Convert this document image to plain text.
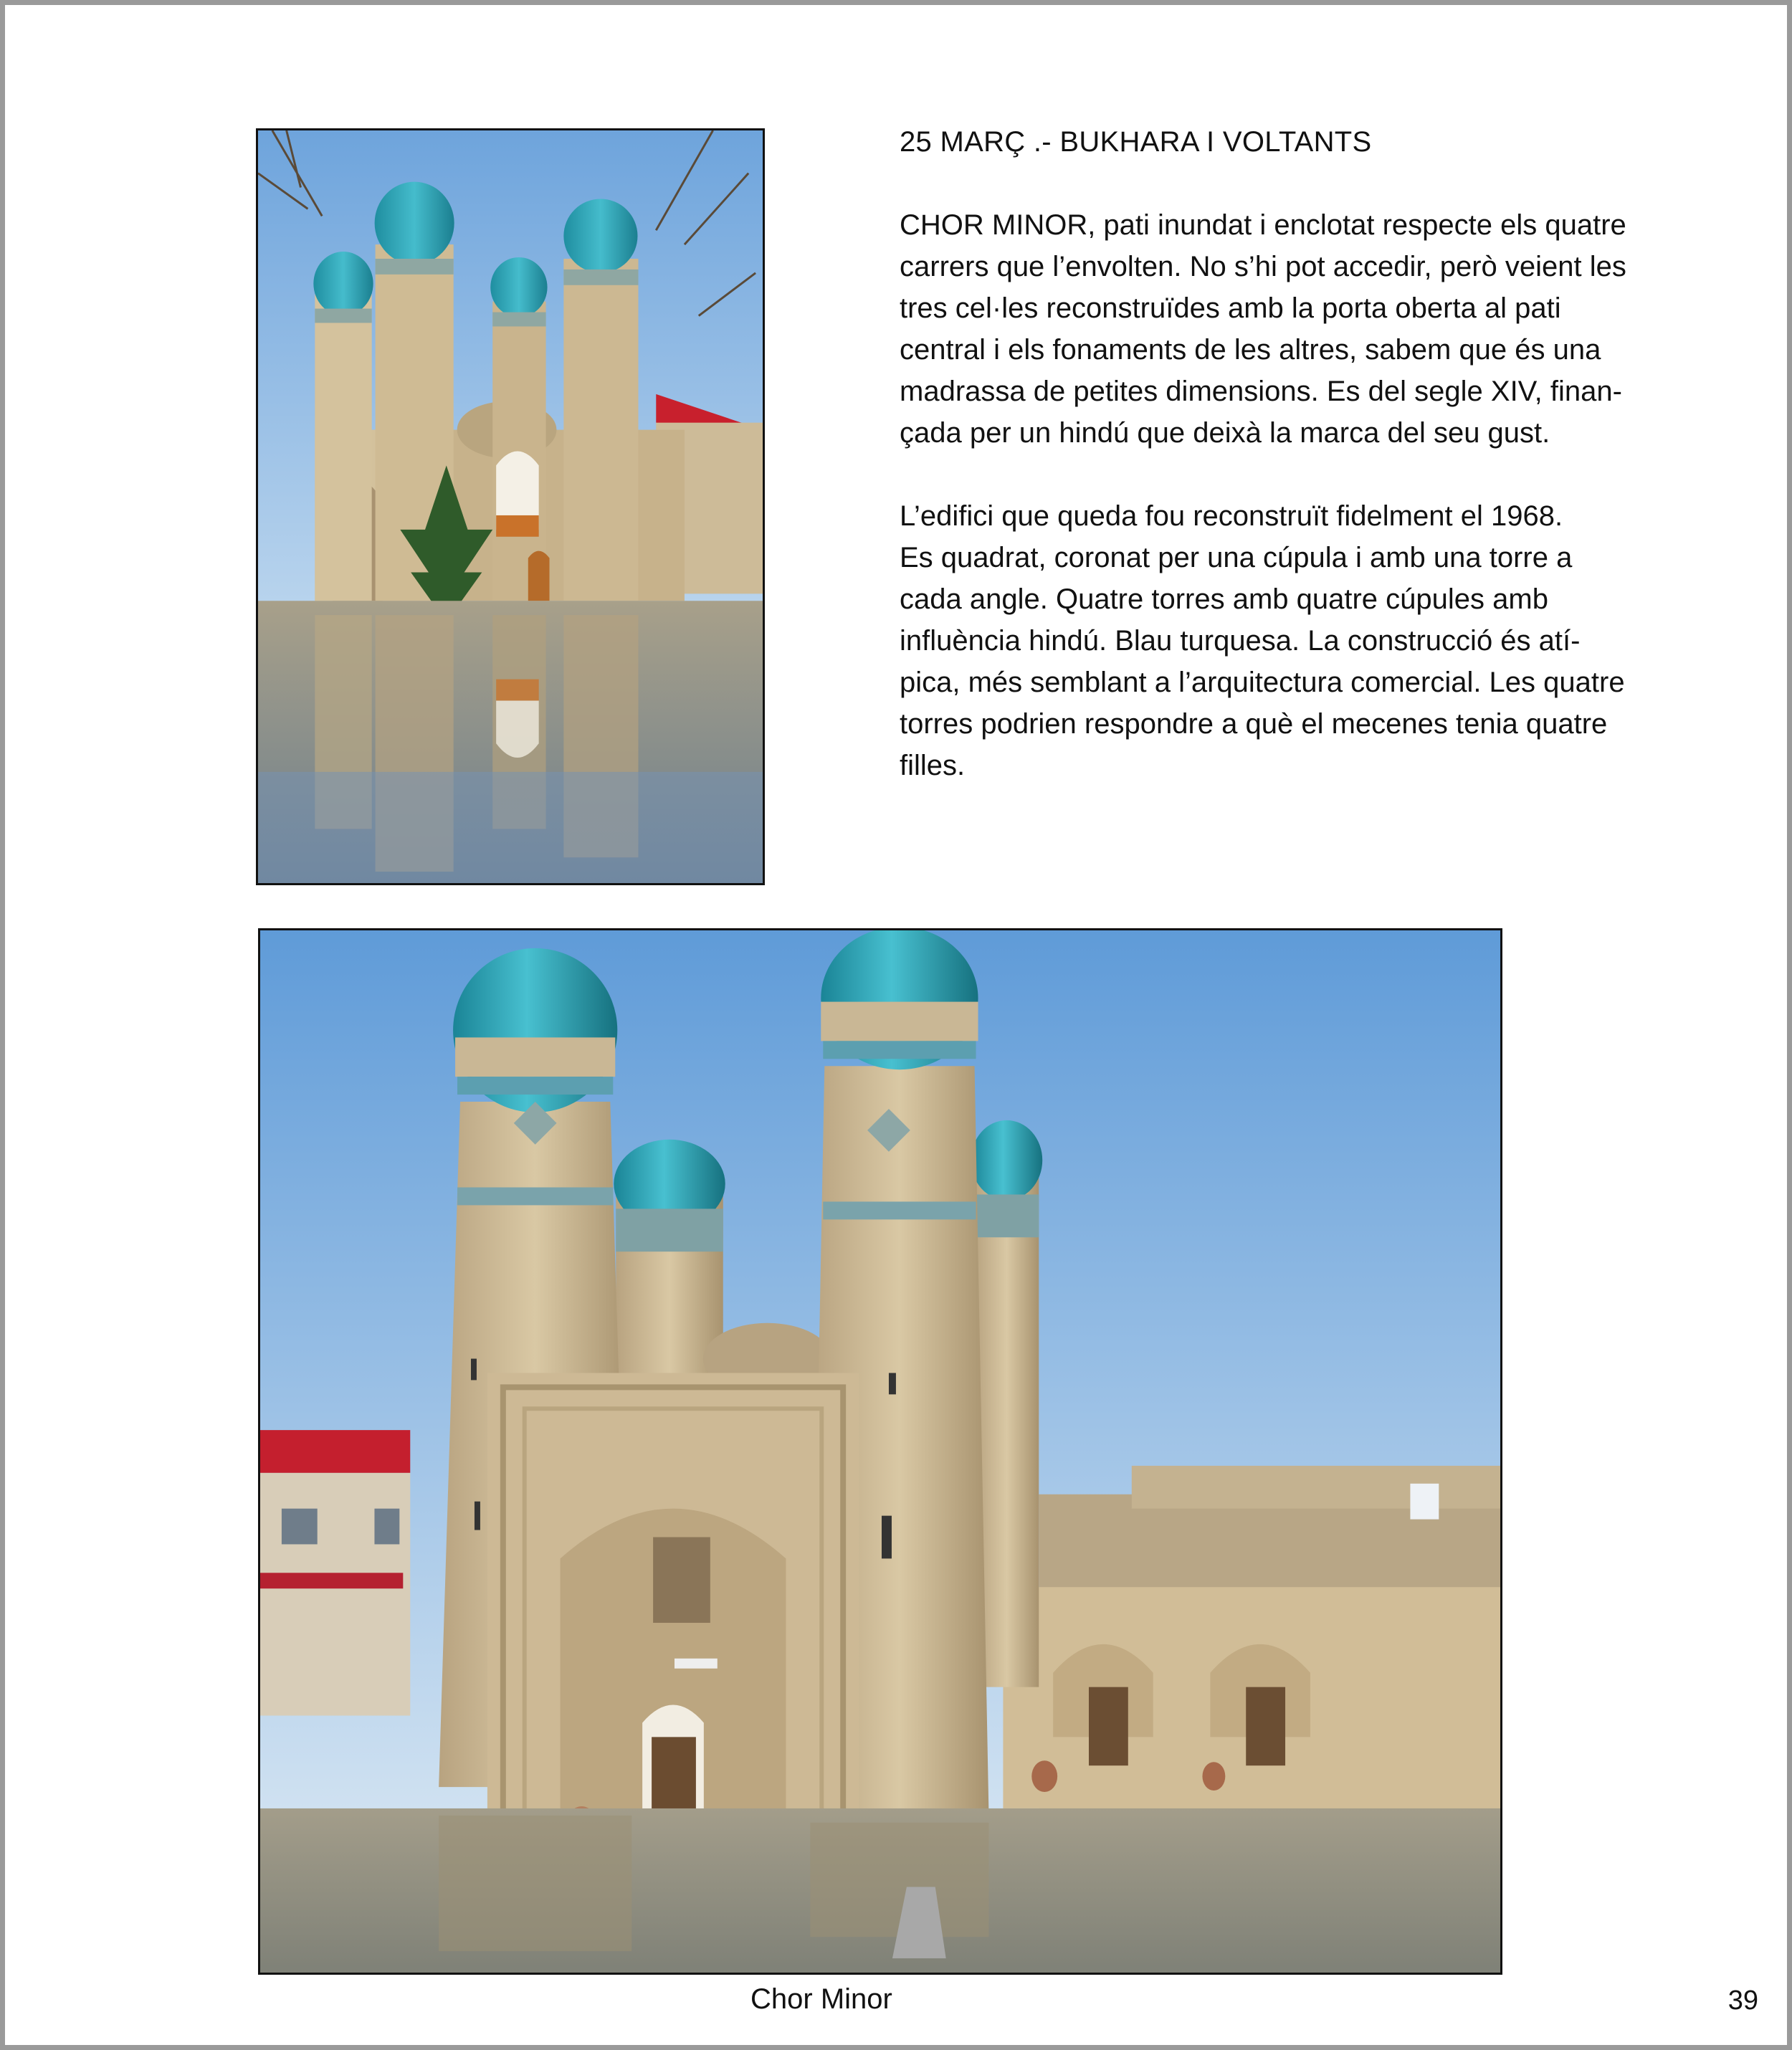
25 MARÇ .- BUKHARA I VOLTANTS
CHOR MINOR, pati inundat i enclotat respecte els quatre
carrers que l’envolten. No s’hi pot accedir, però veient les
tres cel·les reconstruïdes amb la porta oberta al pati
central i els fonaments de les altres, sabem que és una
madrassa de petites dimensions. Es del segle XIV, finan-
çada per un hindú que deixà la marca del seu gust.
L’edifici que queda fou reconstruït fidelment el 1968.
Es quadrat, coronat per una cúpula i amb una torre a
cada angle. Quatre torres amb quatre cúpules amb
influència hindú. Blau turquesa. La construcció és atí-
pica, més semblant a l’arquitectura comercial. Les quatre
torres podrien respondre a què el mecenes tenia quatre
filles.
Chor Minor	39
